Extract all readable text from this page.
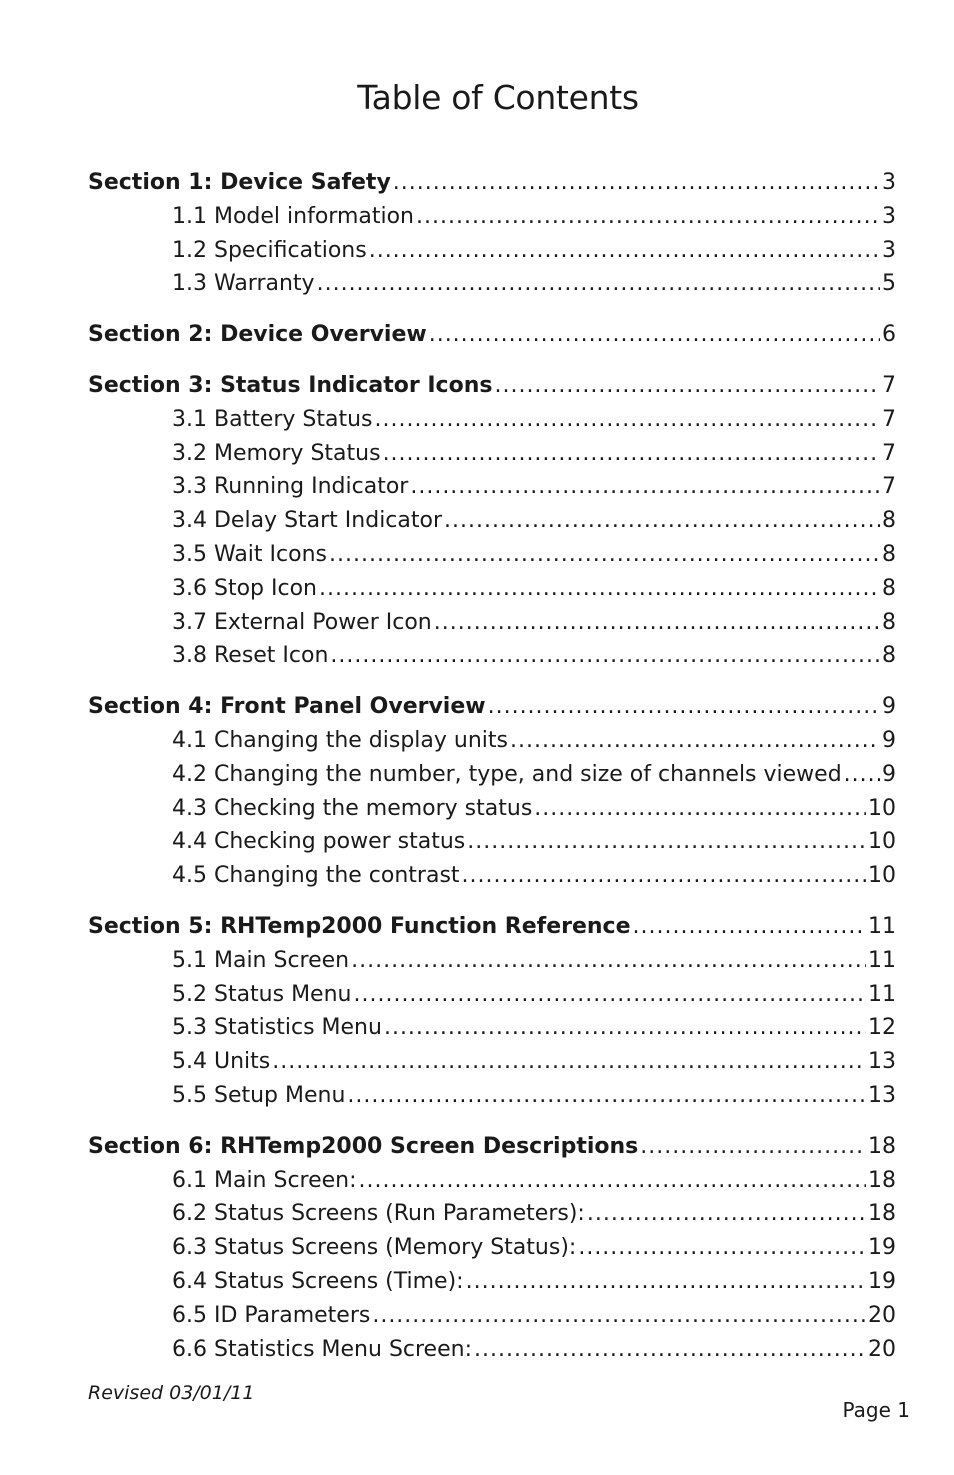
Table of Contents
Section 1: Device Safety .....	3
1.1 Model information .....	3
1.2 Specifications .....	3
1.3 Warranty .....	5
Section 2: Device Overview .....	6
Section 3: Status Indicator Icons .....	7
3.1 Battery Status .....	7
3.2 Memory Status .....	7
3.3 Running Indicator .....	7
3.4 Delay Start Indicator .....	8
3.5 Wait Icons .....	8
3.6 Stop Icon .....	8
3.7 External Power Icon .....	8
3.8 Reset Icon .....	8
Section 4: Front Panel Overview .....	9
4.1 Changing the display units .....	9
4.2 Changing the number, type, and size of channels viewed ..... 9
4.3 Checking the memory status .....	10
4.4 Checking power status .....	10
4.5 Changing the contrast .....	10
Section 5: RHTemp2000 Function Reference .....	11
5.1 Main Screen .....	11
5.2 Status Menu .....	11
5.3 Statistics Menu .....	12
5.4 Units .....	13
5.5 Setup Menu .....	13
Section 6: RHTemp2000 Screen Descriptions .....	18
6.1 Main Screen: .....	18
6.2 Status Screens (Run Parameters): .....	18
6.3 Status Screens (Memory Status): .....	19
6.4 Status Screens (Time): .....	19
6.5 ID Parameters .....	20
6.6 Statistics Menu Screen: .....	20
Revised 03/01/11
Page 1
